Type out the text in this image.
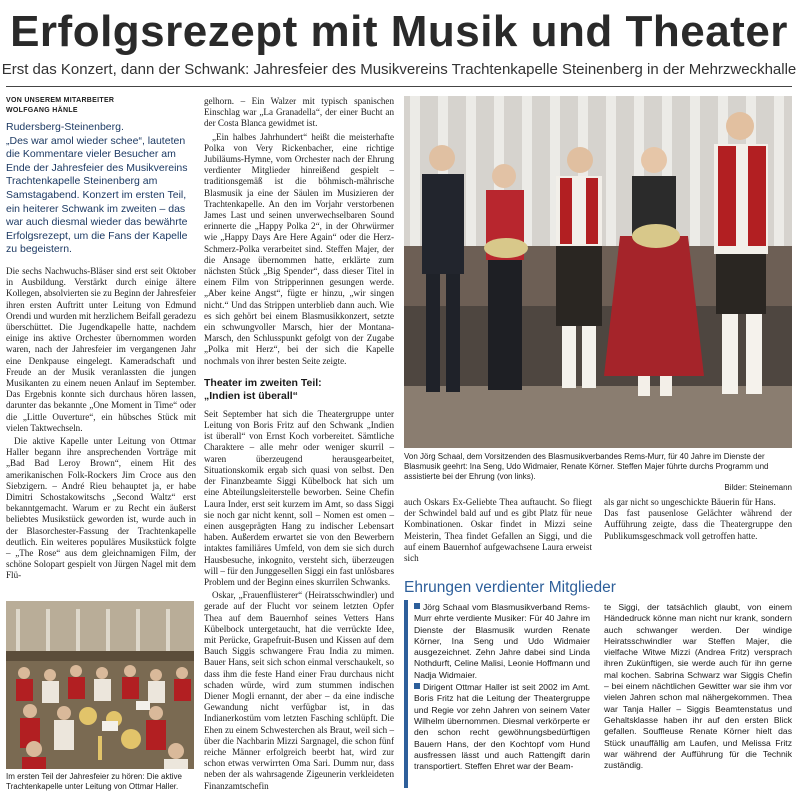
Erfolgsrezept mit Musik und Theater
Erst das Konzert, dann der Schwank: Jahresfeier des Musikvereins Trachtenkapelle Steinenberg in der Mehrzweckhalle
VON UNSEREM MITARBEITER
WOLFGANG HÄNLE
Rudersberg-Steinenberg.
„Des war amol wieder schee“, lauteten die Kommentare vieler Besucher am Ende der Jahresfeier des Musikvereins Trachtenkapelle Steinenberg am Samstagabend. Konzert im ersten Teil, ein heiterer Schwank im zweiten – das war auch diesmal wieder das bewährte Erfolgsrezept, um die Fans der Kapelle zu begeistern.

Die sechs Nachwuchs-Bläser sind erst seit Oktober in Ausbildung. Verstärkt durch einige ältere Kollegen, absolvierten sie zu Beginn der Jahresfeier ihren ersten Auftritt unter Leitung von Edmund Orendi und wurden mit herzlichem Beifall geradezu überschüttet. Die Jugendkapelle hatte, nachdem einige ins aktive Orchester übernommen worden waren, nach der Jahresfeier im vergangenen Jahr eine Denkpause eingelegt. Kameradschaft und Freude an der Musik veranlassten die jungen Musikanten zu einem neuen Anlauf im September. Das Ergebnis konnte sich durchaus hören lassen, darunter das bekannte „One Moment in Time“ oder die „Little Ouverture“, ein hübsches Stück mit vielen Taktwechseln.

Die aktive Kapelle unter Leitung von Ottmar Haller begann ihre ansprechenden Vorträge mit „Bad Bad Leroy Brown“, einem Hit des amerikanischen Folk-Rockers Jim Croce aus den Siebzigern. – André Rieu behauptet ja, er habe Dimitri Schostakowitschs „Second Waltz“ erst bekanntgemacht. Warum er zu Recht ein äußerst beliebtes Musikstück geworden ist, wurde auch in der Blasorchester-Fassung der Trachtenkapelle deutlich. Ein weiteres populäres Musikstück folgte – „The Rose“ aus dem gleichnamigen Film, der schöne Solopart gespielt von Jürgen Nagel mit dem Flü-

Im ersten Teil der Jahresfeier zu hören: Die aktive Trachtenkapelle unter Leitung von Ottmar Haller.

gelhorn. – Ein Walzer mit typisch spanischen Einschlag war „La Granadella“, der einer Bucht an der Costa Blanca gewidmet ist.

„Ein halbes Jahrhundert“ heißt die meisterhafte Polka von Very Rickenbacher, eine richtige Jubiläums-Hymne, vom Orchester nach der Ehrung verdienter Mitglieder hinreißend gespielt – traditionsgemäß ist die böhmisch-mährische Blasmusik ja eine der Säulen im Musizieren der Trachtenkapelle. An den im Vorjahr verstorbenen James Last und seinen unverwechselbaren Sound erinnerte die „Happy Polka 2“, in der Ohrwürmer wie „Happy Days Are Here Again“ oder die Herz-Schmerz-Polka verarbeitet sind. Steffen Majer, der die Ansage übernommen hatte, erklärte zum nächsten Stück „Big Spender“, dass dieser Titel in einem Film von Stripperinnen gesungen werde. „Aber keine Angst“, fügte er hinzu, „wir singen nicht.“ Und das Strippen unterblieb dann auch. Wie es sich gehört bei einem Blasmusikkonzert, setzte ein schwungvoller Marsch, hier der Montana-Marsch, den Schlusspunkt gefolgt von der Zugabe „Polka mit Herz“, bei der sich die Kapelle nochmals von ihrer besten Seite zeigte.

Theater im zweiten Teil:
„Indien ist überall“

Seit September hat sich die Theatergruppe unter Leitung von Boris Fritz auf den Schwank „Indien ist überall“ von Ernst Koch vorbereitet. Sämtliche Charaktere – alle mehr oder weniger skurril – waren überzeugend herausgearbeitet, Situationskomik ergab sich quasi von selbst. Den der Finanzbeamte Siggi Kübelbock hat sich um eine Abteilungsleiterstelle beworben. Seine Chefin Laura Inder, erst seit kurzem im Amt, so dass Siggi sie noch gar nicht kennt, soll – Nomen est omen – einen ausgeprägten Hang zu indischer Lebensart haben. Außerdem erwartet sie von den Bewerbern intaktes familiäres Umfeld, von dem sie sich durch Hausbesuche, inkognito, versteht sich, überzeugen will – für den Junggesellen Siggi ein fast unlösbares Problem und der Beginn eines skurrilen Schwanks.

Oskar, „Frauenflüsterer“ (Heiratsschwindler) und gerade auf der Flucht vor seinem letzten Opfer Thea auf dem Bauernhof seines Vetters Hans Kübelbock untergetaucht, hat die verrückte Idee, mit Perücke, Grapefruit-Busen und Kissen auf dem Bauch Siggis schwangere Frau India zu mimen. Bauer Hans, seit sich schon einmal verschaukelt, so dass ihm die feste Hand einer Frau durchaus nicht schaden würde, wird zum stummen indischen Diener Mogli ernannt, der aber – da eine indische Gewandung nicht verfügbar ist, in das Indianerkostüm vom letzten Fasching schlüpft. Die Ehen zu einem Schwesterchen als Braut, weil sich – über die Nachbarin Mizzi Sargnagel, die schon fünf reiche Männer erfolgreich beerbt hat, wird zur schon etwas verwirrten Oma Sari. Dumm nur, dass neben der als wahrsagende Zigeunerin verkleideten Finanzamtschefin

Von Jörg Schaal, dem Vorsitzenden des Blasmusikverbandes Rems-Murr, für 40 Jahre im Dienste der Blasmusik geehrt: Ina Seng, Udo Widmaier, Renate Körner. Steffen Majer führte durchs Programm und assistierte bei der Ehrung (von links).
Bilder: Steinemann
auch Oskars Ex-Geliebte Thea auftaucht. So fliegt der Schwindel bald auf und es gibt Platz für neue Kombinationen. Oskar findet in Mizzi seine Meisterin, Thea findet Gefallen an Siggi, und die auf einem Bauernhof aufgewachsene Laura erweist sich
als gar nicht so ungeschickte Bäuerin für Hans.
Das fast pausenlose Gelächter während der Aufführung zeigte, dass die Theatergruppe den Publikumsgeschmack voll getroffen hatte.
Ehrungen verdienter Mitglieder

Jörg Schaal vom Blasmusikverband Rems-Murr ehrte verdiente Musiker: Für 40 Jahre im Dienste der Blasmusik wurden Renate Körner, Ina Seng und Udo Widmaier ausgezeichnet. Zehn Jahre dabei sind Linda Nothdurft, Celine Malisi, Leonie Hoffmann und Nadja Widmaier.

Dirigent Ottmar Haller ist seit 2002 im Amt. Boris Fritz hat die Leitung der Theatergruppe und Regie vor zehn Jahren von seinem Vater Wilhelm übernommen. Diesmal verkörperte er den schon recht gewöhnungsbedürftigen Bauern Hans, der den Kochtopf vom Hund ausfressen lässt und auch Rattengift darin transportiert. Steffen Ehret war der Beam-

te Siggi, der tatsächlich glaubt, von einem Händedruck könne man nicht nur krank, sondern auch schwanger werden. Der windige Heiratsschwindler war Steffen Majer, die vielfache Witwe Mizzi (Andrea Fritz) versprach ihren Zukünftigen, sie werde auch für ihn gerne mal kochen. Sabrina Schwarz war Siggis Chefin – bei einem nächtlichen Gewitter war sie ihm vor vielen Jahren schon mal nähergekommen. Thea war Tanja Haller – Siggis Beamtenstatus und Gehaltsklasse haben ihr auf den ersten Blick gefallen. Souffleuse Renate Körner hielt das Stück unauffällig am Laufen, und Melissa Fritz war während der Aufführung für die Technik zuständig.
